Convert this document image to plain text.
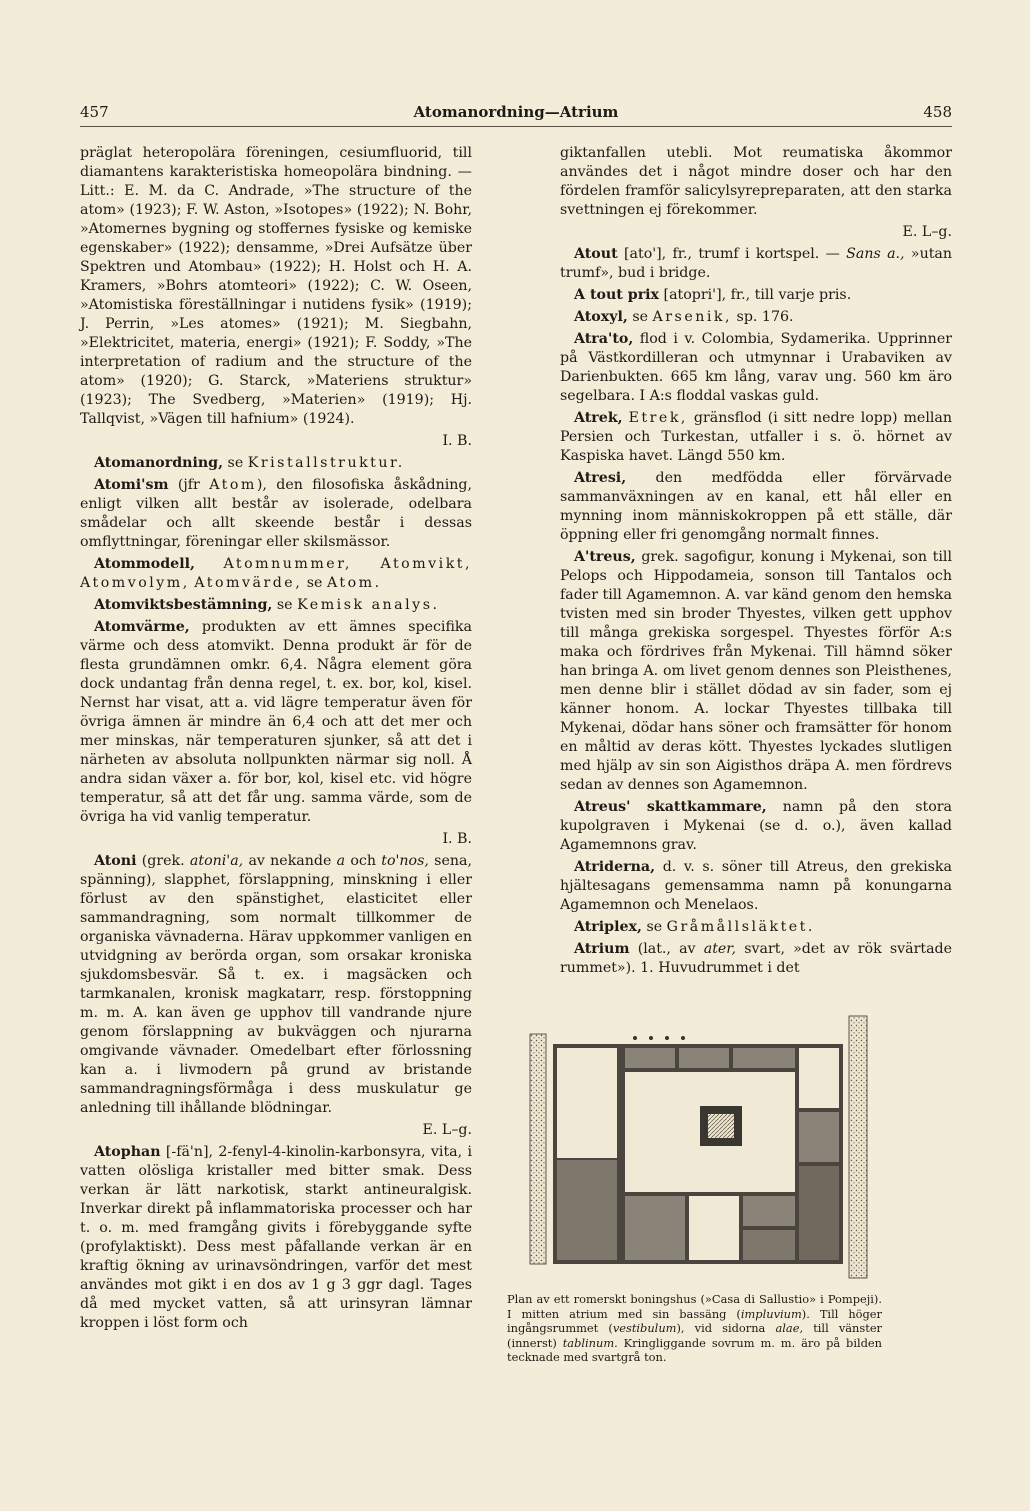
457	Atomanordning—Atrium	458

präglat heteropolära föreningen, cesiumfluorid, till diamantens karakteristiska homeopolära bindning. — Litt.: E. M. da C. Andrade, »The structure of the atom» (1923); F. W. Aston, »Isotopes» (1922); N. Bohr, »Atomernes bygning og stoffernes fysiske og kemiske egenskaber» (1922); densamme, »Drei Aufsätze über Spektren und Atombau» (1922); H. Holst och H. A. Kramers, »Bohrs atomteori» (1922); C. W. Oseen, »Atomistiska föreställningar i nutidens fysik» (1919); J. Perrin, »Les atomes» (1921); M. Siegbahn, »Elektricitet, materia, energi» (1921); F. Soddy, »The interpretation of radium and the structure of the atom» (1920); G. Starck, »Materiens struktur» (1923); The Svedberg, »Materien» (1919); Hj. Tallqvist, »Vägen till hafnium» (1924).

I. B.

Atomanordning, se Kristallstruktur.

Atomi'sm (jfr Atom), den filosofiska åskådning, enligt vilken allt består av isolerade, odelbara smådelar och allt skeende består i dessas omflyttningar, föreningar eller skilsmässor.

Atommodell, Atomnummer, Atomvikt, Atomvolym, Atomvärde, se Atom.

Atomviktsbestämning, se Kemisk analys.

Atomvärme, produkten av ett ämnes specifika värme och dess atomvikt. Denna produkt är för de flesta grundämnen omkr. 6,4. Några element göra dock undantag från denna regel, t. ex. bor, kol, kisel. Nernst har visat, att a. vid lägre temperatur även för övriga ämnen är mindre än 6,4 och att det mer och mer minskas, när temperaturen sjunker, så att det i närheten av absoluta nollpunkten närmar sig noll. Å andra sidan växer a. för bor, kol, kisel etc. vid högre temperatur, så att det får ung. samma värde, som de övriga ha vid vanlig temperatur.

I. B.

Atoni (grek. atoni'a, av nekande a och to'nos, sena, spänning), slapphet, förslappning, minskning i eller förlust av den spänstighet, elasticitet eller sammandragning, som normalt tillkommer de organiska vävnaderna. Härav uppkommer vanligen en utvidgning av berörda organ, som orsakar kroniska sjukdomsbesvär. Så t. ex. i magsäcken och tarmkanalen, kronisk magkatarr, resp. förstoppning m. m. A. kan även ge upphov till vandrande njure genom förslappning av bukväggen och njurarna omgivande vävnader. Omedelbart efter förlossning kan a. i livmodern på grund av bristande sammandragningsförmåga i dess muskulatur ge anledning till ihållande blödningar.

E. L–g.

Atophan [-fä'n], 2-fenyl-4-kinolin-karbonsyra, vita, i vatten olösliga kristaller med bitter smak. Dess verkan är lätt narkotisk, starkt antineuralgisk. Inverkar direkt på inflammatoriska processer och har t. o. m. med framgång givits i förebyggande syfte (profylaktiskt). Dess mest påfallande verkan är en kraftig ökning av urinavsöndringen, varför det mest användes mot gikt i en dos av 1 g 3 ggr dagl. Tages då med mycket vatten, så att urinsyran lämnar kroppen i löst form och

giktanfallen utebli. Mot reumatiska åkommor användes det i något mindre doser och har den fördelen framför salicylsyrepreparaten, att den starka svettningen ej förekommer.

E. L–g.

Atout [ato'], fr., trumf i kortspel. — Sans a., »utan trumf», bud i bridge.

A tout prix [atopri'], fr., till varje pris.

Atoxyl, se Arsenik, sp. 176.

Atra'to, flod i v. Colombia, Sydamerika. Upprinner på Västkordilleran och utmynnar i Urabaviken av Darienbukten. 665 km lång, varav ung. 560 km äro segelbara. I A:s floddal vaskas guld.

Atrek, Etrek, gränsflod (i sitt nedre lopp) mellan Persien och Turkestan, utfaller i s. ö. hörnet av Kaspiska havet. Längd 550 km.

Atresi, den medfödda eller förvärvade sammanväxningen av en kanal, ett hål eller en mynning inom människokroppen på ett ställe, där öppning eller fri genomgång normalt finnes.

A'treus, grek. sagofigur, konung i Mykenai, son till Pelops och Hippodameia, sonson till Tantalos och fader till Agamemnon. A. var känd genom den hemska tvisten med sin broder Thyestes, vilken gett upphov till många grekiska sorgespel. Thyestes förför A:s maka och fördrives från Mykenai. Till hämnd söker han bringa A. om livet genom dennes son Pleisthenes, men denne blir i stället dödad av sin fader, som ej känner honom. A. lockar Thyestes tillbaka till Mykenai, dödar hans söner och framsätter för honom en måltid av deras kött. Thyestes lyckades slutligen med hjälp av sin son Aigisthos dräpa A. men fördrevs sedan av dennes son Agamemnon.

Atreus' skattkammare, namn på den stora kupolgraven i Mykenai (se d. o.), även kallad Agamemnons grav.

Atriderna, d. v. s. söner till Atreus, den grekiska hjältesagans gemensamma namn på konungarna Agamemnon och Menelaos.

Atriplex, se Gråmållsläktet.

Atrium (lat., av ater, svart, »det av rök svärtade rummet»). 1. Huvudrummet i det

Plan av ett romerskt boningshus (»Casa di Sallustio» i Pompeji). I mitten atrium med sin bassäng (impluvium). Till höger ingångsrummet (vestibulum), vid sidorna alae, till vänster (innerst) tablinum. Kringliggande sovrum m. m. äro på bilden tecknade med svartgrå ton.
